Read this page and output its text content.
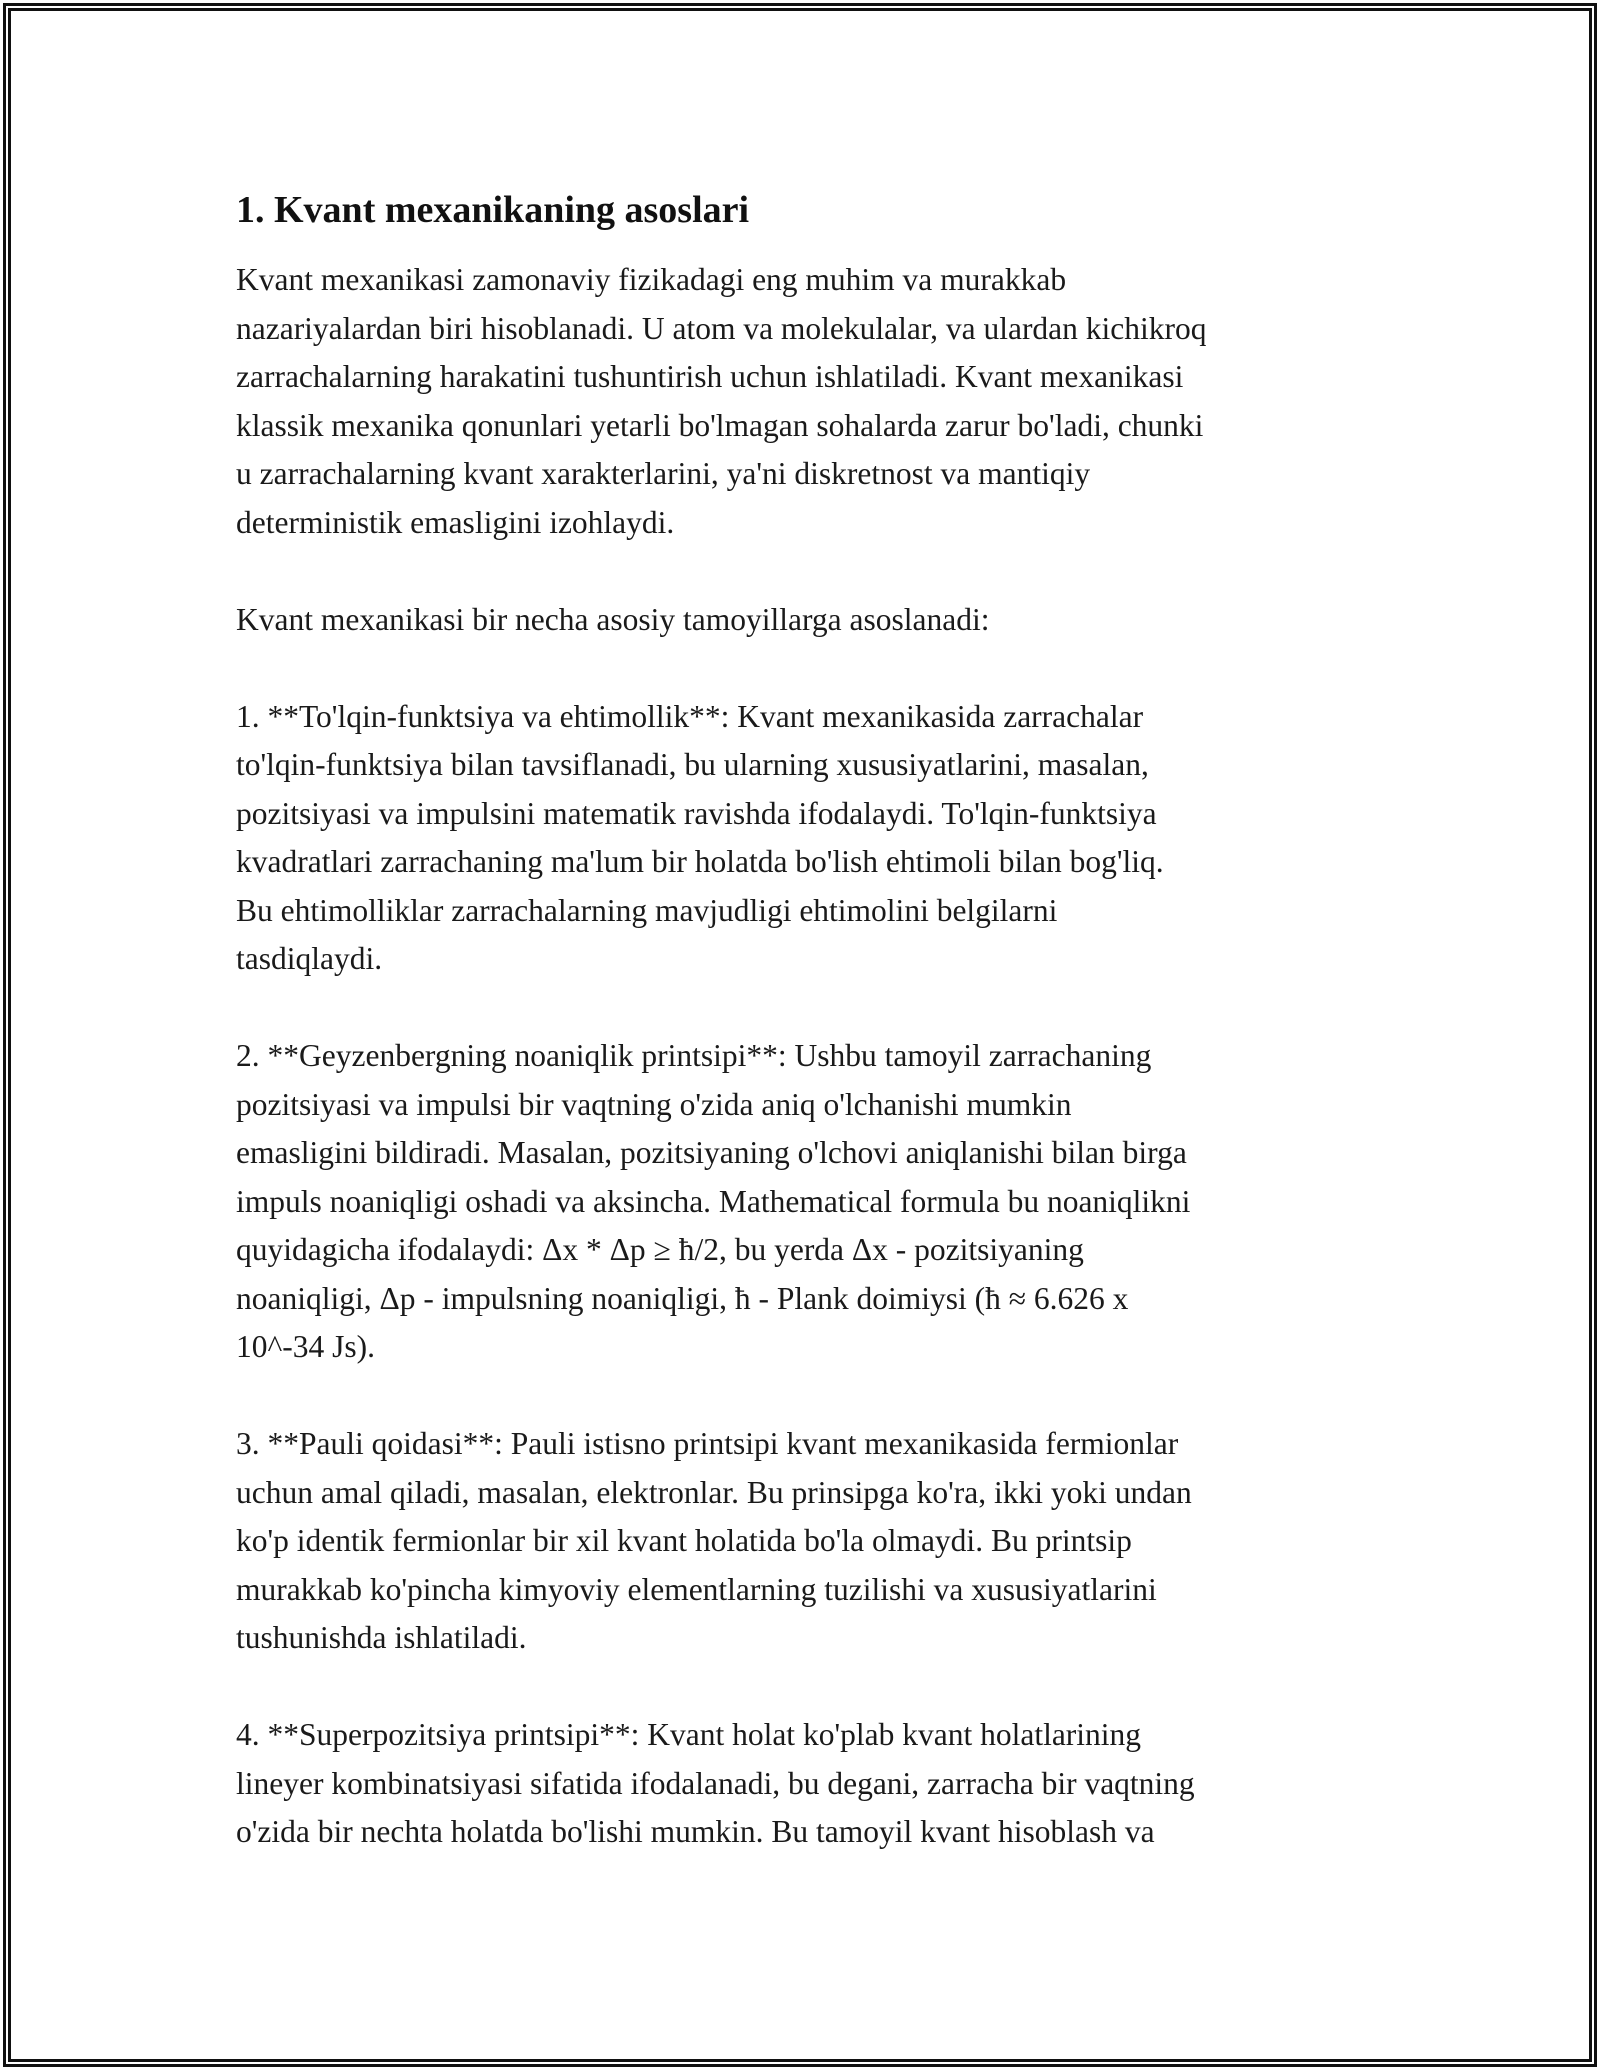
1. Kvant mexanikaning asoslari

Kvant mexanikasi zamonaviy fizikadagi eng muhim va murakkab
nazariyalardan biri hisoblanadi. U atom va molekulalar, va ulardan kichikroq
zarrachalarning harakatini tushuntirish uchun ishlatiladi. Kvant mexanikasi
klassik mexanika qonunlari yetarli bo'lmagan sohalarda zarur bo'ladi, chunki
u zarrachalarning kvant xarakterlarini, ya'ni diskretnost va mantiqiy
deterministik emasligini izohlaydi.

Kvant mexanikasi bir necha asosiy tamoyillarga asoslanadi:

1. **To'lqin-funktsiya va ehtimollik**: Kvant mexanikasida zarrachalar
to'lqin-funktsiya bilan tavsiflanadi, bu ularning xususiyatlarini, masalan,
pozitsiyasi va impulsini matematik ravishda ifodalaydi. To'lqin-funktsiya
kvadratlari zarrachaning ma'lum bir holatda bo'lish ehtimoli bilan bog'liq.
Bu ehtimolliklar zarrachalarning mavjudligi ehtimolini belgilarni
tasdiqlaydi.

2. **Geyzenbergning noaniqlik printsipi**: Ushbu tamoyil zarrachaning
pozitsiyasi va impulsi bir vaqtning o'zida aniq o'lchanishi mumkin
emasligini bildiradi. Masalan, pozitsiyaning o'lchovi aniqlanishi bilan birga
impuls noaniqligi oshadi va aksincha. Mathematical formula bu noaniqlikni
quyidagicha ifodalaydi: Δx * Δp ≥ ħ/2, bu yerda Δx - pozitsiyaning
noaniqligi, Δp - impulsning noaniqligi, ħ - Plank doimiysi (ħ ≈ 6.626 x
10^-34 Js).

3. **Pauli qoidasi**: Pauli istisno printsipi kvant mexanikasida fermionlar
uchun amal qiladi, masalan, elektronlar. Bu prinsipga ko'ra, ikki yoki undan
ko'p identik fermionlar bir xil kvant holatida bo'la olmaydi. Bu printsip
murakkab ko'pincha kimyoviy elementlarning tuzilishi va xususiyatlarini
tushunishda ishlatiladi.

4. **Superpozitsiya printsipi**: Kvant holat ko'plab kvant holatlarining
lineyer kombinatsiyasi sifatida ifodalanadi, bu degani, zarracha bir vaqtning
o'zida bir nechta holatda bo'lishi mumkin. Bu tamoyil kvant hisoblash va
